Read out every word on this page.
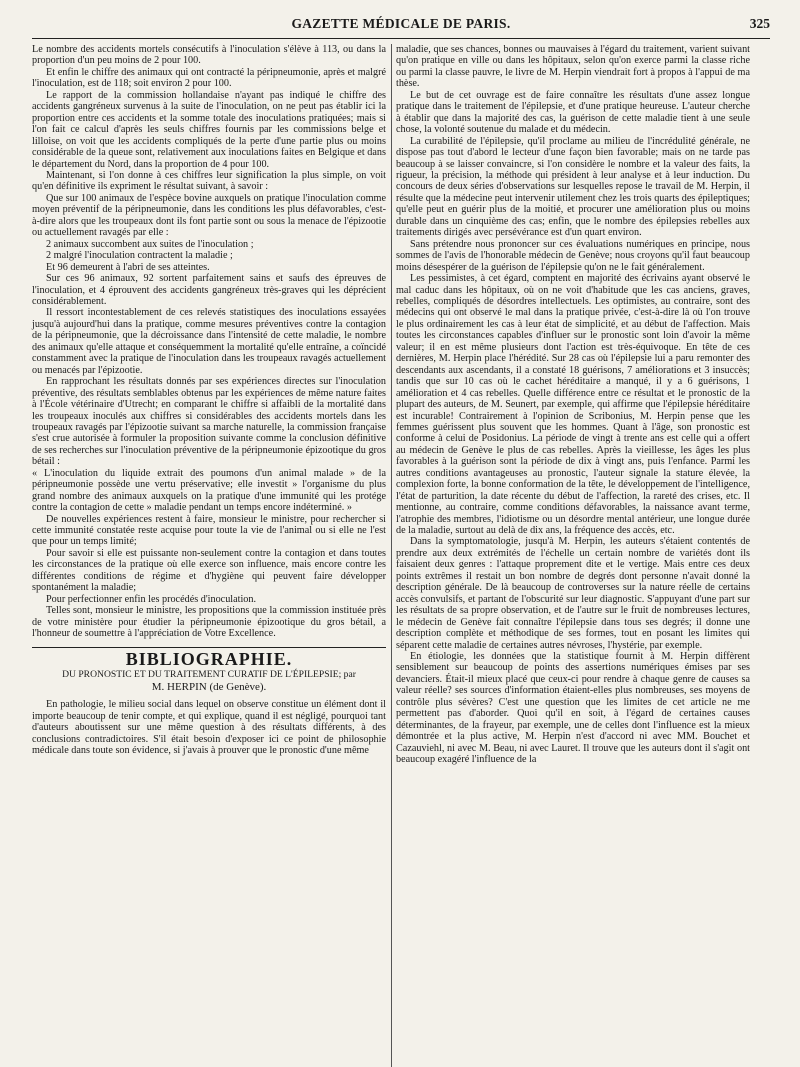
GAZETTE MÉDICALE DE PARIS.	325

Le nombre des accidents mortels consécutifs à l'inoculation s'élève à 113, ou dans la proportion d'un peu moins de 2 pour 100.

Et enfin le chiffre des animaux qui ont contracté la péripneumonie, après et malgré l'inoculation, est de 118; soit environ 2 pour 100.

Le rapport de la commission hollandaise n'ayant pas indiqué le chiffre des accidents gangréneux survenus à la suite de l'inoculation, on ne peut pas établir ici la proportion entre ces accidents et la somme totale des inoculations pratiquées; mais si l'on fait ce calcul d'après les seuls chiffres fournis par les commissions belge et lilloise, on voit que les accidents compliqués de la perte d'une partie plus ou moins considérable de la queue sont, relativement aux inoculations faites en Belgique et dans le département du Nord, dans la proportion de 4 pour 100.

Maintenant, si l'on donne à ces chiffres leur signification la plus simple, on voit qu'en définitive ils expriment le résultat suivant, à savoir :

Que sur 100 animaux de l'espèce bovine auxquels on pratique l'inoculation comme moyen préventif de la péripneumonie, dans les conditions les plus défavorables, c'est-à-dire alors que les troupeaux dont ils font partie sont ou sous la menace de l'épizootie ou actuellement ravagés par elle :

2 animaux succombent aux suites de l'inoculation ;

2 malgré l'inoculation contractent la maladie ;

Et 96 demeurent à l'abri de ses atteintes.

Sur ces 96 animaux, 92 sortent parfaitement sains et saufs des épreuves de l'inoculation, et 4 éprouvent des accidents gangréneux très-graves qui les déprécient considérablement.

Il ressort incontestablement de ces relevés statistiques des inoculations essayées jusqu'à aujourd'hui dans la pratique, comme mesures préventives contre la contagion de la péripneumonie, que la décroissance dans l'intensité de cette maladie, le nombre des animaux qu'elle attaque et conséquemment la mortalité qu'elle entraîne, a coïncidé constamment avec la pratique de l'inoculation dans les troupeaux ravagés actuellement ou menacés par l'épizootie.

En rapprochant les résultats donnés par ses expériences directes sur l'inoculation préventive, des résultats semblables obtenus par les expériences de même nature faites à l'École vétérinaire d'Utrecht; en comparant le chiffre si affaibli de la mortalité dans les troupeaux inoculés aux chiffres si considérables des accidents mortels dans les troupeaux ravagés par l'épizootie suivant sa marche naturelle, la commission française s'est crue autorisée à formuler la proposition suivante comme la conclusion définitive de ses recherches sur l'inoculation préventive de la péripneumonie épizootique du gros bétail :

« L'inoculation du liquide extrait des poumons d'un animal malade » de la péripneumonie possède une vertu préservative; elle investit » l'organisme du plus grand nombre des animaux auxquels on la pratique d'une immunité qui les protége contre la contagion de cette » maladie pendant un temps encore indéterminé. »

De nouvelles expériences restent à faire, monsieur le ministre, pour rechercher si cette immunité constatée reste acquise pour toute la vie de l'animal ou si elle ne l'est que pour un temps limité;

Pour savoir si elle est puissante non-seulement contre la contagion et dans toutes les circonstances de la pratique où elle exerce son influence, mais encore contre les différentes conditions de régime et d'hygiène qui peuvent faire développer spontanément la maladie;

Pour perfectionner enfin les procédés d'inoculation.

Telles sont, monsieur le ministre, les propositions que la commission instituée près de votre ministère pour étudier la péripneumonie épizootique du gros bétail, a l'honneur de soumettre à l'appréciation de Votre Excellence.

BIBLIOGRAPHIE.
DU PRONOSTIC ET DU TRAITEMENT CURATIF DE L'ÉPILEPSIE; par
M. HERPIN (de Genève).

En pathologie, le milieu social dans lequel on observe constitue un élément dont il importe beaucoup de tenir compte, et qui explique, quand il est négligé, pourquoi tant d'auteurs aboutissent sur une même question à des résultats différents, à des conclusions contradictoires. S'il était besoin d'exposer ici ce point de philosophie médicale dans toute son évidence, si j'avais à prouver que le pronostic d'une même

maladie, que ses chances, bonnes ou mauvaises à l'égard du traitement, varient suivant qu'on pratique en ville ou dans les hôpitaux, selon qu'on exerce parmi la classe riche ou parmi la classe pauvre, le livre de M. Herpin viendrait fort à propos à l'appui de ma thèse.

Le but de cet ouvrage est de faire connaître les résultats d'une assez longue pratique dans le traitement de l'épilepsie, et d'une pratique heureuse. L'auteur cherche à établir que dans la majorité des cas, la guérison de cette maladie tient à une seule chose, la volonté soutenue du malade et du médecin.

La curabilité de l'épilepsie, qu'il proclame au milieu de l'incrédulité générale, ne dispose pas tout d'abord le lecteur d'une façon bien favorable; mais on ne tarde pas beaucoup à se laisser convaincre, si l'on considère le nombre et la valeur des faits, la rigueur, la précision, la méthode qui président à leur analyse et à leur induction. Du concours de deux séries d'observations sur lesquelles repose le travail de M. Herpin, il résulte que la médecine peut intervenir utilement chez les trois quarts des épileptiques; qu'elle peut en guérir plus de la moitié, et procurer une amélioration plus ou moins durable dans un cinquième des cas; enfin, que le nombre des épilepsies rebelles aux traitements dirigés avec persévérance est d'un quart environ.

Sans prétendre nous prononcer sur ces évaluations numériques en principe, nous sommes de l'avis de l'honorable médecin de Genève; nous croyons qu'il faut beaucoup moins désespérer de la guérison de l'épilepsie qu'on ne le fait généralement.

Les pessimistes, à cet égard, comptent en majorité des écrivains ayant observé le mal caduc dans les hôpitaux, où on ne voit d'habitude que les cas anciens, graves, rebelles, compliqués de désordres intellectuels. Les optimistes, au contraire, sont des médecins qui ont observé le mal dans la pratique privée, c'est-à-dire là où l'on trouve le plus ordinairement les cas à leur état de simplicité, et au début de l'affection. Mais toutes les circonstances capables d'influer sur le pronostic sont loin d'avoir la même valeur; il en est même plusieurs dont l'action est très-équivoque. En tête de ces dernières, M. Herpin place l'hérédité. Sur 28 cas où l'épilepsie lui a paru remonter des descendants aux ascendants, il a constaté 18 guérisons, 7 améliorations et 3 insuccès; tandis que sur 10 cas où le cachet héréditaire a manqué, il y a 6 guérisons, 1 amélioration et 4 cas rebelles. Quelle différence entre ce résultat et le pronostic de la plupart des auteurs, de M. Seunert, par exemple, qui affirme que l'épilepsie héréditaire est incurable! Contrairement à l'opinion de Scribonius, M. Herpin pense que les femmes guérissent plus souvent que les hommes. Quant à l'âge, son pronostic est conforme à celui de Posidonius. La période de vingt à trente ans est celle qui a offert au médecin de Genève le plus de cas rebelles. Après la vieillesse, les âges les plus favorables à la guérison sont la période de dix à vingt ans, puis l'enfance. Parmi les autres conditions avantageuses au pronostic, l'auteur signale la stature élevée, la complexion forte, la bonne conformation de la tête, le développement de l'intelligence, l'état de parturition, la date récente du début de l'affection, la rareté des crises, etc. Il mentionne, au contraire, comme conditions défavorables, la naissance avant terme, l'atrophie des membres, l'idiotisme ou un désordre mental antérieur, une longue durée de la maladie, surtout au delà de dix ans, la fréquence des accès, etc.

Dans la symptomatologie, jusqu'à M. Herpin, les auteurs s'étaient contentés de prendre aux deux extrémités de l'échelle un certain nombre de variétés dont ils faisaient deux genres : l'attaque proprement dite et le vertige. Mais entre ces deux points extrêmes il restait un bon nombre de degrés dont personne n'avait donné la description générale. De là beaucoup de controverses sur la nature réelle de certains accès convulsifs, et partant de l'obscurité sur leur diagnostic. S'appuyant d'une part sur les résultats de sa propre observation, et de l'autre sur le fruit de nombreuses lectures, le médecin de Genève fait connaître l'épilepsie dans tous ses degrés; il donne une description complète et méthodique de ses formes, tout en posant les limites qui séparent cette maladie de certaines autres névroses, l'hystérie, par exemple.

En étiologie, les données que la statistique fournit à M. Herpin diffèrent sensiblement sur beaucoup de points des assertions numériques émises par ses devanciers. Était-il mieux placé que ceux-ci pour rendre à chaque genre de causes sa valeur réelle? ses sources d'information étaient-elles plus nombreuses, ses moyens de contrôle plus sévères? C'est une question que les limites de cet article ne me permettent pas d'aborder. Quoi qu'il en soit, à l'égard de certaines causes déterminantes, de la frayeur, par exemple, une de celles dont l'influence est la mieux démontrée et la plus active, M. Herpin n'est d'accord ni avec MM. Bouchet et Cazauviehl, ni avec M. Beau, ni avec Lauret. Il trouve que les auteurs dont il s'agit ont beaucoup exagéré l'influence de la
